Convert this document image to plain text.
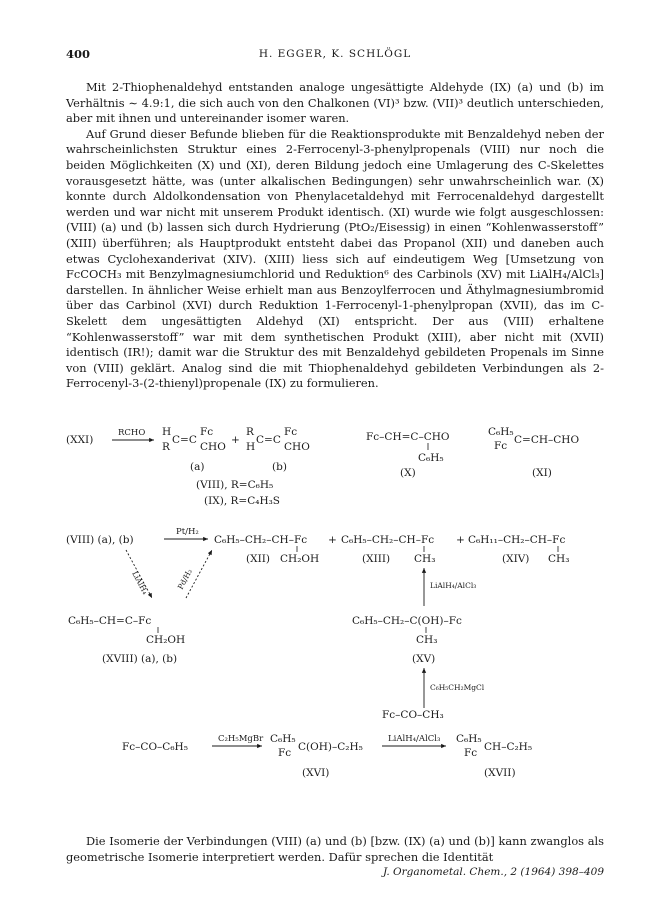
400	H. EGGER, K. SCHLÖGL

Mit 2-Thiophenaldehyd entstanden analoge ungesättigte Aldehyde (IX) (a) und (b) im Verhältnis ∼ 4.9:1, die sich auch von den Chalkonen (VI)³ bzw. (VII)³ deutlich unterschieden, aber mit ihnen und untereinander isomer waren.

Auf Grund dieser Befunde blieben für die Reaktionsprodukte mit Benzaldehyd neben der wahrscheinlichsten Struktur eines 2-Ferrocenyl-3-phenylpropenals (VIII) nur noch die beiden Möglichkeiten (X) und (XI), deren Bildung jedoch eine Umlagerung des C-Skelettes vorausgesetzt hätte, was (unter alkalischen Bedingungen) sehr unwahrscheinlich war. (X) konnte durch Aldolkondensation von Phenylacetaldehyd mit Ferrocenaldehyd dargestellt werden und war nicht mit unserem Produkt identisch. (XI) wurde wie folgt ausgeschlossen: (VIII) (a) und (b) lassen sich durch Hydrierung (PtO₂/Eisessig) in einen “Kohlenwasserstoff” (XIII) überführen; als Hauptprodukt entsteht dabei das Propanol (XII) und daneben auch etwas Cyclohexanderivat (XIV). (XIII) liess sich auf eindeutigem Weg [Umsetzung von FcCOCH₃ mit Benzylmagnesiumchlorid und Reduktion⁶ des Carbinols (XV) mit LiAlH₄/AlCl₃] darstellen. In ähnlicher Weise erhielt man aus Benzoylferrocen und Äthylmagnesiumbromid über das Carbinol (XVI) durch Reduktion 1-Ferrocenyl-1-phenylpropan (XVII), das im C-Skelett dem ungesättigten Aldehyd (XI) entspricht. Der aus (VIII) erhaltene “Kohlenwasserstoff” war mit dem synthetischen Produkt (XIII), aber nicht mit (XVII) identisch (IR!); damit war die Struktur des mit Benzaldehyd gebildeten Propenals im Sinne von (VIII) geklärt. Analog sind die mit Thiophenaldehyd gebildeten Verbindungen als 2-Ferrocenyl-3-(2-thienyl)propenale (IX) zu formulieren.

(XXI)
RCHO H
R
C=C
Fc
CHO
+
R
H
C=C
Fc
CHO
(a)	(b)
(VIII), R=C₆H₅
(IX), R=C₄H₃S
Fc–CH=C–CHO
C₆H₅
(X)
C₆H₅
Fc C=CH–CHO
(XI)
(VIII) (a), (b)
Pt/H₂
C₆H₅–CH₂–CH–Fc
CH₂OH
(XII)
+ C₆H₅–CH₂–CH–Fc
CH₃
(XIII)
+ C₆H₁₁–CH₂–CH–Fc
CH₃
(XIV)
LiAlH₄	Pd/H₂	LiAlH₄/AlCl₃
C₆H₅–CH=C–Fc
CH₂OH
(XVIII) (a), (b)
C₆H₅–CH₂–C(OH)–Fc
CH₃
(XV)
C₆H₅CH₂MgCl
Fc–CO–CH₃
Fc–CO–C₆H₅
C₂H₅MgBr C₆H₅
Fc C(OH)–C₂H₅
(XVI)
LiAlH₄/AlCl₃ C₆H₅
Fc CH–C₂H₅
(XVII)

Die Isomerie der Verbindungen (VIII) (a) und (b) [bzw. (IX) (a) und (b)] kann zwanglos als geometrische Isomerie interpretiert werden. Dafür sprechen die Identität

J. Organometal. Chem., 2 (1964) 398–409
